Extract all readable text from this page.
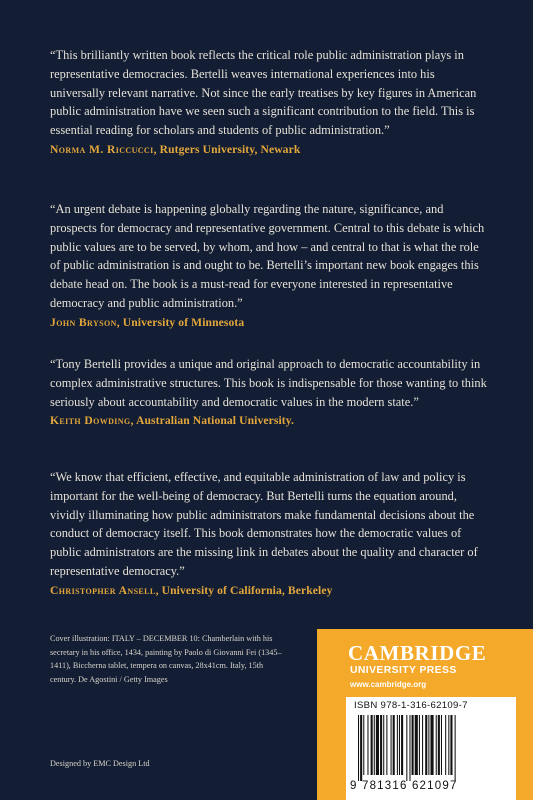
“This brilliantly written book reflects the critical role public administration plays in representative democracies. Bertelli weaves international experiences into his universally relevant narrative. Not since the early treatises by key figures in American public administration have we seen such a significant contribution to the field. This is essential reading for scholars and students of public administration.”

Norma M. Riccucci, Rutgers University, Newark

“An urgent debate is happening globally regarding the nature, significance, and prospects for democracy and representative government. Central to this debate is which public values are to be served, by whom, and how – and central to that is what the role of public administration is and ought to be. Bertelli’s important new book engages this debate head on. The book is a must-read for everyone interested in representative democracy and public administration.”

John Bryson, University of Minnesota

“Tony Bertelli provides a unique and original approach to democratic accountability in complex administrative structures. This book is indispensable for those wanting to think seriously about accountability and democratic values in the modern state.”

Keith Dowding, Australian National University.

“We know that efficient, effective, and equitable administration of law and policy is important for the well-being of democracy. But Bertelli turns the equation around, vividly illuminating how public administrators make fundamental decisions about the conduct of democracy itself. This book demonstrates how the democratic values of public administrators are the missing link in debates about the quality and character of representative democracy.”

Christopher Ansell, University of California, Berkeley
Cover illustration: ITALY – DECEMBER 10: Chamberlain with his secretary in his office, 1434, painting by Paolo di Giovanni Fei (1345–1411), Biccherna tablet, tempera on canvas, 28x41cm. Italy, 15th century. De Agostini / Getty Images
Designed by EMC Design Ltd
CAMBRIDGE
UNIVERSITY PRESS
www.cambridge.org
ISBN 978-1-316-62109-7
9 781316 621097
